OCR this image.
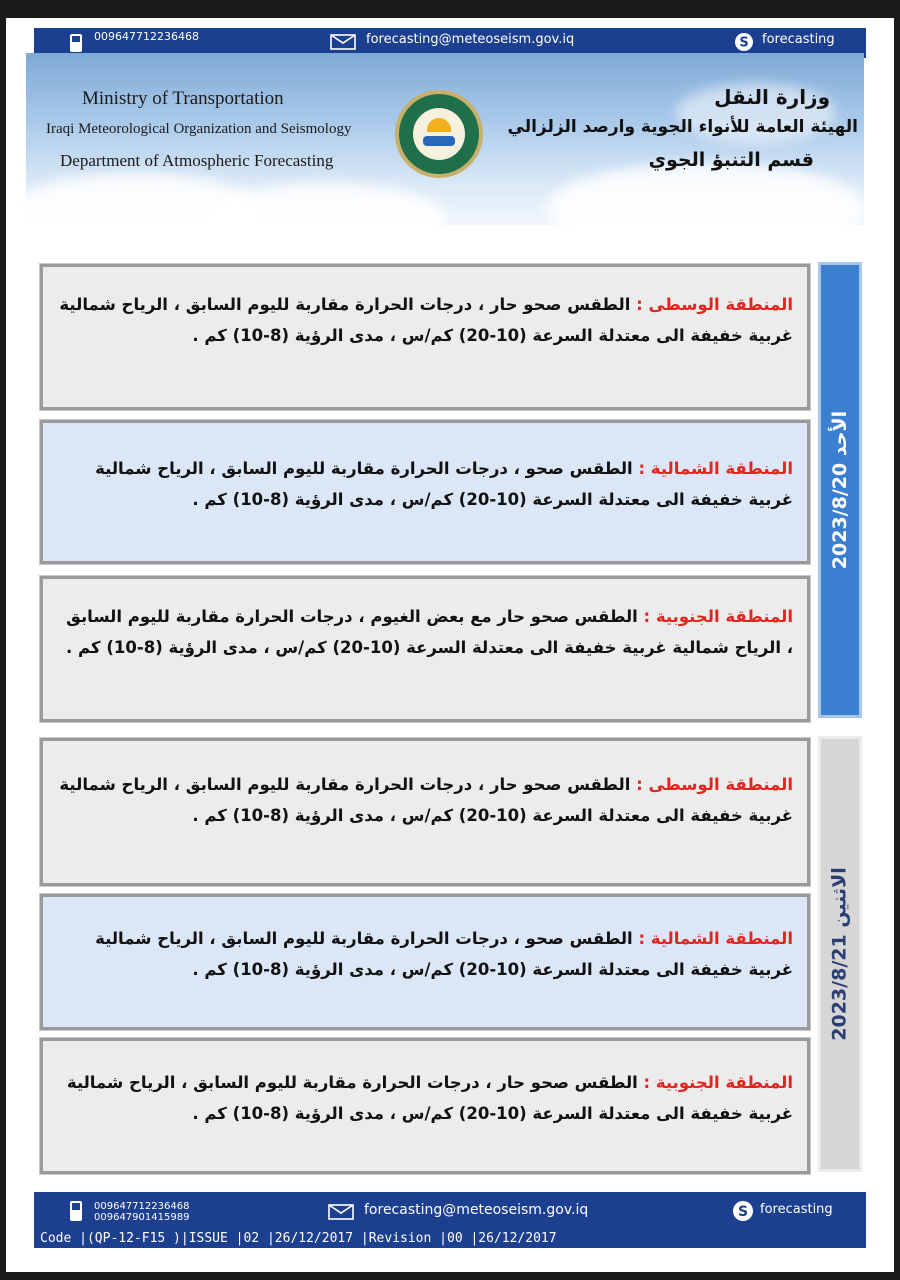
009647712236468	forecasting@meteoseism.gov.iq	S forecasting
Ministry of Transportation
Iraqi Meteorological Organization and Seismology
Department of Atmospheric Forecasting
وزارة النقل
الهيئة العامة للأنواء الجوية وارصد الزلزالي
قسم التنبؤ الجوي
2023/8/20 الأحد
المنطقة الوسطى : الطقس صحو حار ، درجات الحرارة مقاربة لليوم السابق ، الرياح شمالية غربية خفيفة الى معتدلة السرعة (10-20) كم/س ، مدى الرؤية (8-10) كم .
المنطقة الشمالية : الطقس صحو ، درجات الحرارة مقاربة لليوم السابق ، الرياح شمالية غربية خفيفة الى معتدلة السرعة (10-20) كم/س ، مدى الرؤية (8-10) كم .
المنطقة الجنوبية : الطقس صحو حار مع بعض الغيوم ، درجات الحرارة مقاربة لليوم السابق ، الرياح شمالية غربية خفيفة الى معتدلة السرعة (10-20) كم/س ، مدى الرؤية (8-10) كم .
2023/8/21 الاثنين
المنطقة الوسطى : الطقس صحو حار ، درجات الحرارة مقاربة لليوم السابق ، الرياح شمالية غربية خفيفة الى معتدلة السرعة (10-20) كم/س ، مدى الرؤية (8-10) كم .
المنطقة الشمالية : الطقس صحو ، درجات الحرارة مقاربة لليوم السابق ، الرياح شمالية غربية خفيفة الى معتدلة السرعة (10-20) كم/س ، مدى الرؤية (8-10) كم .
المنطقة الجنوبية : الطقس صحو حار ، درجات الحرارة مقاربة لليوم السابق ، الرياح شمالية غربية خفيفة الى معتدلة السرعة (10-20) كم/س ، مدى الرؤية (8-10) كم .
009647712236468
009647901415989	forecasting@meteoseism.gov.iq	S forecasting
Code |(QP-12-F15 )|ISSUE |02 |26/12/2017 |Revision |00 |26/12/2017
